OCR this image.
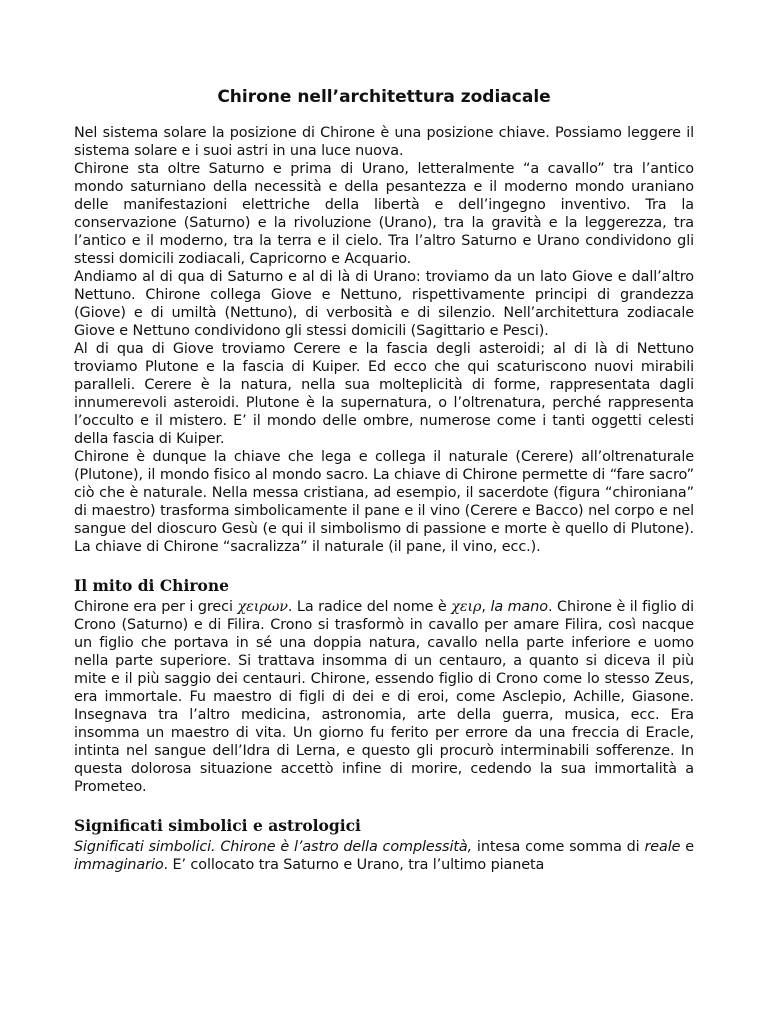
Chirone nell’architettura zodiacale

Nel sistema solare la posizione di Chirone è una posizione chiave. Possiamo leggere il sistema solare e i suoi astri in una luce nuova.

Chirone sta oltre Saturno e prima di Urano, letteralmente “a cavallo” tra l’antico mondo saturniano della necessità e della pesantezza e il moderno mondo uraniano delle manifestazioni elettriche della libertà e dell’ingegno inventivo. Tra la conservazione (Saturno) e la rivoluzione (Urano), tra la gravità e la leggerezza, tra l’antico e il moderno, tra la terra e il cielo. Tra l’altro Saturno e Urano condividono gli stessi domicili zodiacali, Capricorno e Acquario.

Andiamo al di qua di Saturno e al di là di Urano: troviamo da un lato Giove e dall’altro Nettuno. Chirone collega Giove e Nettuno, rispettivamente principi di grandezza (Giove) e di umiltà (Nettuno), di verbosità e di silenzio. Nell’architettura zodiacale Giove e Nettuno condividono gli stessi domicili (Sagittario e Pesci).

Al di qua di Giove troviamo Cerere e la fascia degli asteroidi; al di là di Nettuno troviamo Plutone e la fascia di Kuiper. Ed ecco che qui scaturiscono nuovi mirabili paralleli. Cerere è la natura, nella sua molteplicità di forme, rappresentata dagli innumerevoli asteroidi. Plutone è la supernatura, o l’oltrenatura, perché rappresenta l’occulto e il mistero. E’ il mondo delle ombre, numerose come i tanti oggetti celesti della fascia di Kuiper.

Chirone è dunque la chiave che lega e collega il naturale (Cerere) all’oltrenaturale (Plutone), il mondo fisico al mondo sacro. La chiave di Chirone permette di “fare sacro” ciò che è naturale. Nella messa cristiana, ad esempio, il sacerdote (figura “chironiana” di maestro) trasforma simbolicamente il pane e il vino (Cerere e Bacco) nel corpo e nel sangue del dioscuro Gesù (e qui il simbolismo di passione e morte è quello di Plutone). La chiave di Chirone “sacralizza” il naturale (il pane, il vino, ecc.).

Il mito di Chirone

Chirone era per i greci χειρων. La radice del nome è χειρ, la mano. Chirone è il figlio di Crono (Saturno) e di Filira. Crono si trasformò in cavallo per amare Filira, così nacque un figlio che portava in sé una doppia natura, cavallo nella parte inferiore e uomo nella parte superiore. Si trattava insomma di un centauro, a quanto si diceva il più mite e il più saggio dei centauri. Chirone, essendo figlio di Crono come lo stesso Zeus, era immortale. Fu maestro di figli di dei e di eroi, come Asclepio, Achille, Giasone. Insegnava tra l’altro medicina, astronomia, arte della guerra, musica, ecc. Era insomma un maestro di vita. Un giorno fu ferito per errore da una freccia di Eracle, intinta nel sangue dell’Idra di Lerna, e questo gli procurò interminabili sofferenze. In questa dolorosa situazione accettò infine di morire, cedendo la sua immortalità a Prometeo.

Significati simbolici e astrologici

Significati simbolici. Chirone è l’astro della complessità, intesa come somma di reale e immaginario. E’ collocato tra Saturno e Urano, tra l’ultimo pianeta
